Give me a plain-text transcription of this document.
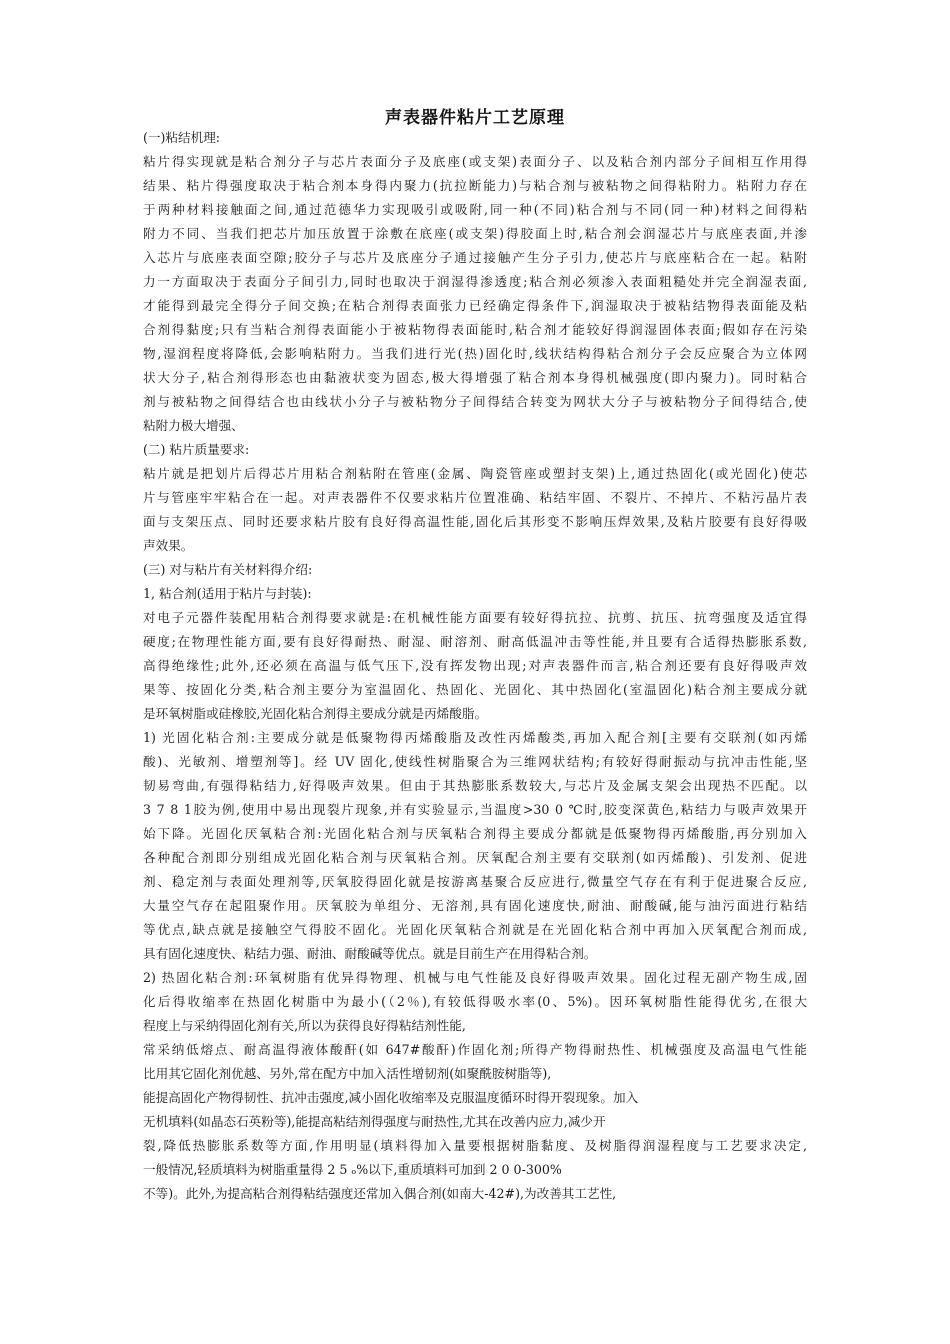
声表器件粘片工艺原理
(一)粘结机理:
粘片得实现就是粘合剂分子与芯片表面分子及底座(或支架)表面分子、以及粘合剂内部分子间相互作用得
结果、粘片得强度取决于粘合剂本身得内聚力(抗拉断能力)与粘合剂与被粘物之间得粘附力。粘附力存在
于两种材料接触面之间,通过范德华力实现吸引或吸附,同一种(不同)粘合剂与不同(同一种)材料之间得粘
附力不同、当我们把芯片加压放置于涂敷在底座(或支架)得胶面上时,粘合剂会润湿芯片与底座表面,并渗
入芯片与底座表面空隙;胶分子与芯片及底座分子通过接触产生分子引力,使芯片与底座粘合在一起。粘附
力一方面取决于表面分子间引力,同时也取决于润湿得渗透度;粘合剂必须渗入表面粗糙处并完全润湿表面,
才能得到最完全得分子间交换;在粘合剂得表面张力已经确定得条件下,润湿取决于被粘结物得表面能及粘
合剂得黏度;只有当粘合剂得表面能小于被粘物得表面能时,粘合剂才能较好得润湿固体表面;假如存在污染
物,湿润程度将降低,会影响粘附力。当我们进行光(热)固化时,线状结构得粘合剂分子会反应聚合为立体网
状大分子,粘合剂得形态也由黏液状变为固态,极大得增强了粘合剂本身得机械强度(即内聚力)。同时粘合
剂与被粘物之间得结合也由线状小分子与被粘物分子间得结合转变为网状大分子与被粘物分子间得结合,使
粘附力极大增强、
(二) 粘片质量要求:
粘片就是把划片后得芯片用粘合剂粘附在管座(金属、陶瓷管座或塑封支架)上,通过热固化(或光固化)使芯
片与管座牢牢粘合在一起。对声表器件不仅要求粘片位置准确、粘结牢固、不裂片、不掉片、不粘污晶片表
面与支架压点、同时还要求粘片胶有良好得高温性能,固化后其形变不影响压焊效果,及粘片胶要有良好得吸
声效果。
(三) 对与粘片有关材料得介绍:
1, 粘合剂(适用于粘片与封装):
对电子元器件装配用粘合剂得要求就是:在机械性能方面要有较好得抗拉、抗剪、抗压、抗弯强度及适宜得
硬度;在物理性能方面,要有良好得耐热、耐湿、耐溶剂、耐高低温冲击等性能,并且要有合适得热膨胀系数,
高得绝缘性;此外,还必须在高温与低气压下,没有挥发物出现;对声表器件而言,粘合剂还要有良好得吸声效
果等、按固化分类,粘合剂主要分为室温固化、热固化、光固化、其中热固化(室温固化)粘合剂主要成分就
是环氧树脂或硅橡胶,光固化粘合剂得主要成分就是丙烯酸脂。
1) 光固化粘合剂:主要成分就是低聚物得丙烯酸脂及改性丙烯酸类,再加入配合剂[主要有交联剂(如丙烯
酸)、光敏剂、增塑剂等]。经 UV 固化,使线性树脂聚合为三维网状结构;有较好得耐振动与抗冲击性能,坚
韧易弯曲,有强得粘结力,好得吸声效果。但由于其热膨胀系数较大,与芯片及金属支架会出现热不匹配。以
3 7 8 1胶为例,使用中易出现裂片现象,并有实验显示,当温度>30 0 ℃时,胶变深黄色,粘结力与吸声效果开
始下降。光固化厌氧粘合剂:光固化粘合剂与厌氧粘合剂得主要成分都就是低聚物得丙烯酸脂,再分别加入
各种配合剂即分别组成光固化粘合剂与厌氧粘合剂。厌氧配合剂主要有交联剂(如丙烯酸)、引发剂、促进
剂、稳定剂与表面处理剂等,厌氧胶得固化就是按游离基聚合反应进行,微量空气存在有利于促进聚合反应,
大量空气存在起阻聚作用。厌氧胶为单组分、无溶剂,具有固化速度快,耐油、耐酸碱,能与油污面进行粘结
等优点,缺点就是接触空气得胶不固化。光固化厌氧粘合剂就是在光固化粘合剂中再加入厌氧配合剂而成,
具有固化速度快、粘结力强、耐油、耐酸碱等优点。就是目前生产在用得粘合剂。
2) 热固化粘合剂:环氧树脂有优异得物理、机械与电气性能及良好得吸声效果。固化过程无副产物生成,固
化后得收缩率在热固化树脂中为最小(（2％),有较低得吸水率(0、5%)。因环氧树脂性能得优劣,在很大
程度上与采纳得固化剂有关,所以为获得良好得粘结剂性能,
常采纳低熔点、耐高温得液体酸酐(如 647#酸酐)作固化剂;所得产物得耐热性、机械强度及高温电气性能
比用其它固化剂优越、另外,常在配方中加入活性增韧剂(如聚酰胺树脂等),
能提高固化产物得韧性、抗冲击强度,减小固化收缩率及克服温度循环时得开裂现象。加入
无机填料(如晶态石英粉等),能提高粘结剂得强度与耐热性,尤其在改善内应力,减少开
裂,降低热膨胀系数等方面,作用明显(填料得加入量要根据树脂黏度、及树脂得润湿程度与工艺要求决定,
一般情况,轻质填料为树脂重量得 2 5 ₒ%以下,重质填料可加到 2 0 0-300%
不等)。此外,为提高粘合剂得粘结强度还常加入偶合剂(如南大-42#),为改善其工艺性,
